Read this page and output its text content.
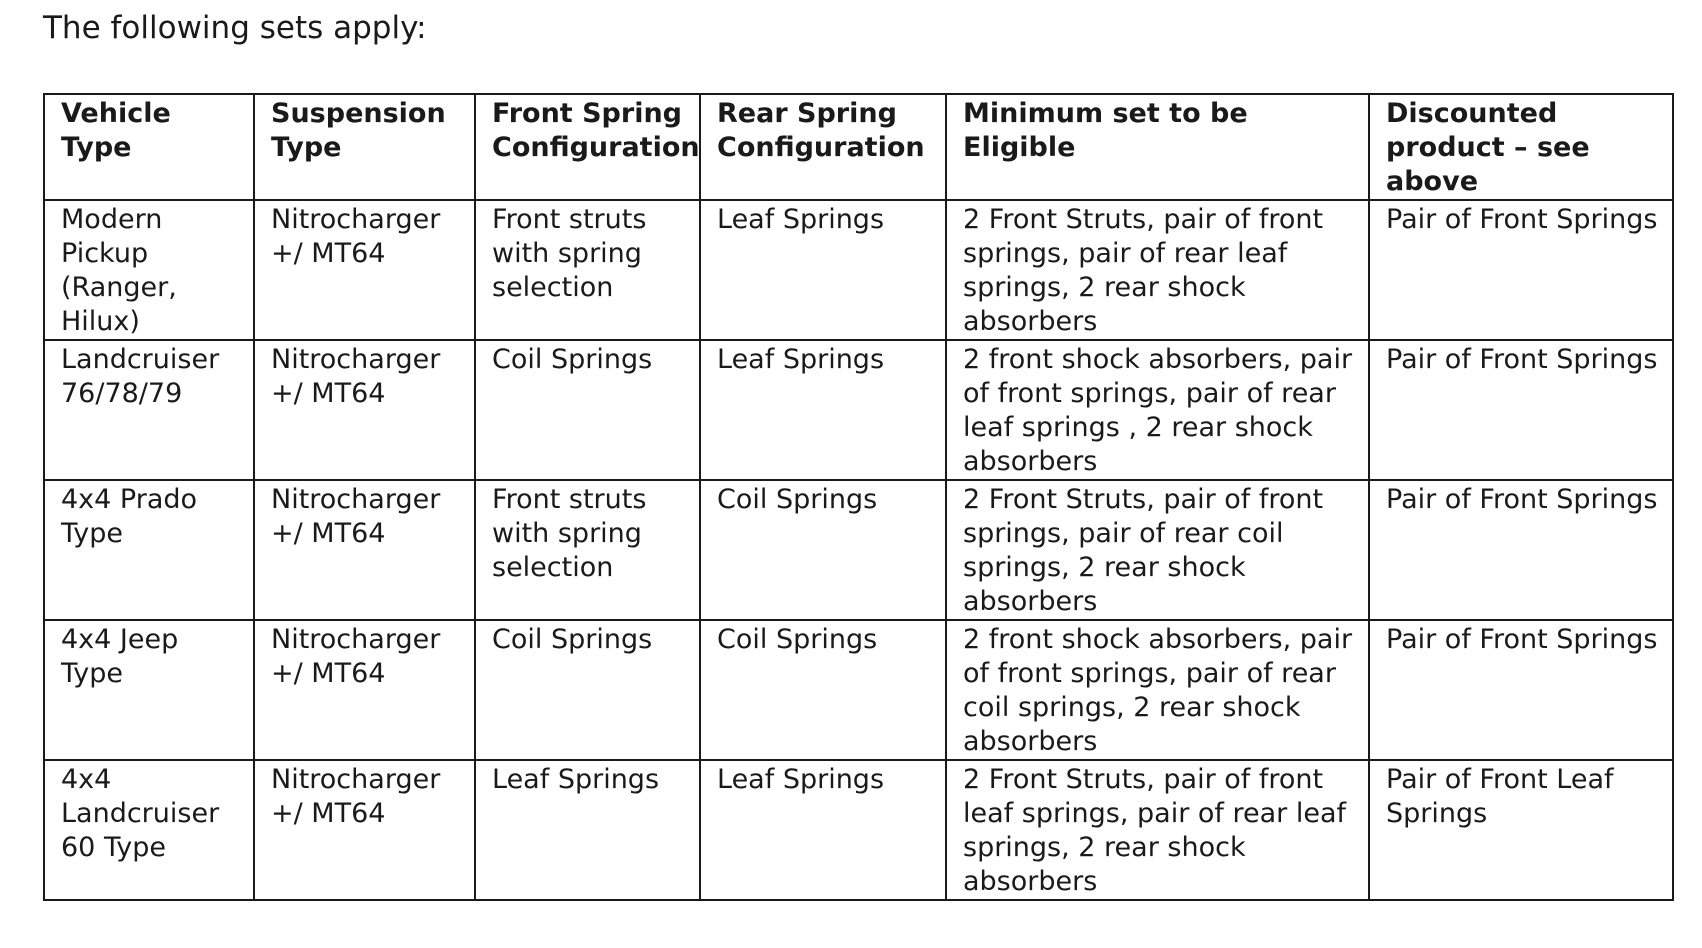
The following sets apply:

Vehicle Type	Suspension Type	Front Spring Configuration	Rear Spring Configuration	Minimum set to be Eligible	Discounted product – see above
Modern Pickup (Ranger, Hilux)	Nitrocharger +/ MT64	Front struts with spring selection	Leaf Springs	2 Front Struts, pair of front springs, pair of rear leaf springs, 2 rear shock absorbers	Pair of Front Springs
Landcruiser 76/78/79	Nitrocharger +/ MT64	Coil Springs	Leaf Springs	2 front shock absorbers, pair of front springs, pair of rear leaf springs , 2 rear shock absorbers	Pair of Front Springs
4x4 Prado Type	Nitrocharger +/ MT64	Front struts with spring selection	Coil Springs	2 Front Struts, pair of front springs, pair of rear coil springs, 2 rear shock absorbers	Pair of Front Springs
4x4 Jeep Type	Nitrocharger +/ MT64	Coil Springs	Coil Springs	2 front shock absorbers, pair of front springs, pair of rear coil springs, 2 rear shock absorbers	Pair of Front Springs
4x4 Landcruiser 60 Type	Nitrocharger +/ MT64	Leaf Springs	Leaf Springs	2 Front Struts, pair of front leaf springs, pair of rear leaf springs, 2 rear shock absorbers	Pair of Front Leaf Springs
